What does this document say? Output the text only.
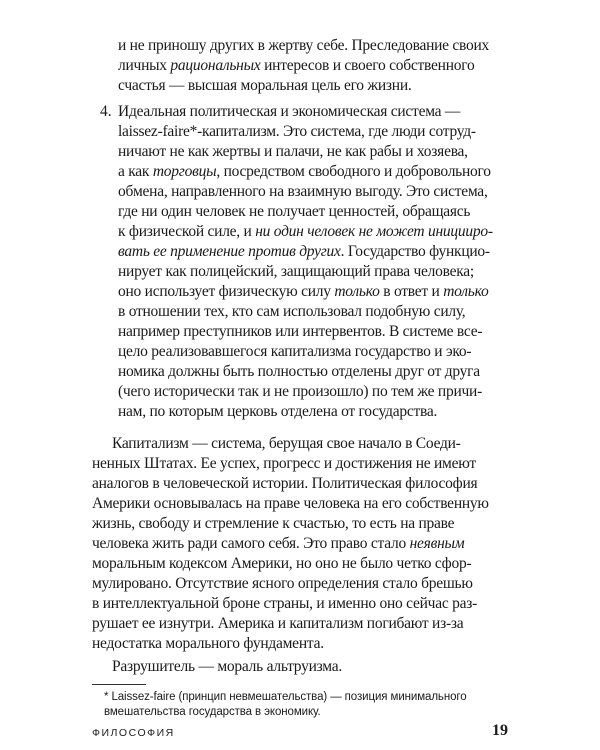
и не приношу других в жертву себе. Преследование своих
личных рациональных интересов и своего собственного
счастья — высшая моральная цель его жизни.
4. Идеальная политическая и экономическая система —
laissez-faire*-капитализм. Это система, где люди сотруд-
ничают не как жертвы и палачи, не как рабы и хозяева,
а как торговцы, посредством свободного и добровольного
обмена, направленного на взаимную выгоду. Это система,
где ни один человек не получает ценностей, обращаясь
к физической силе, и ни один человек не может иницииро-
вать ее применение против других. Государство функцио-
нирует как полицейский, защищающий права человека;
оно использует физическую силу только в ответ и только
в отношении тех, кто сам использовал подобную силу,
например преступников или интервентов. В системе все-
цело реализовавшегося капитализма государство и эко-
номика должны быть полностью отделены друг от друга
(чего исторически так и не произошло) по тем же причи-
нам, по которым церковь отделена от государства.
Капитализм — система, берущая свое начало в Соеди-
ненных Штатах. Ее успех, прогресс и достижения не имеют
аналогов в человеческой истории. Политическая философия
Америки основывалась на праве человека на его собственную
жизнь, свободу и стремление к счастью, то есть на праве
человека жить ради самого себя. Это право стало неявным
моральным кодексом Америки, но оно не было четко сфор-
мулировано. Отсутствие ясного определения стало брешью
в интеллектуальной броне страны, и именно оно сейчас раз-
рушает ее изнутри. Америка и капитализм погибают из-за
недостатка морального фундамента.
Разрушитель — мораль альтруизма.
* Laissez-faire (принцип невмешательства) — позиция минимального
вмешательства государства в экономику.
ФИЛОСОФИЯ	19
